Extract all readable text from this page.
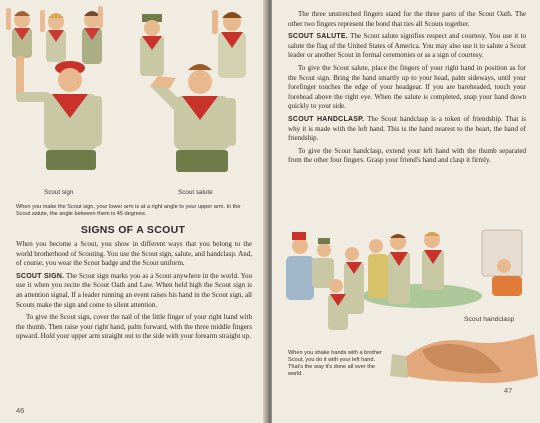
Scout sign	Scout salute
When you make the Scout sign, your lower arm is at a right angle to your upper arm. In the Scout salute, the angle between them is 45 degrees.
SIGNS OF A SCOUT

When you become a Scout, you show in different ways that you belong to the world brotherhood of Scouting. You use the Scout sign, salute, and handclasp. And, of course, you wear the Scout badge and the Scout uniform.

SCOUT SIGN. The Scout sign marks you as a Scout anywhere in the world. You use it when you recite the Scout Oath and Law. When held high the Scout sign is an attention signal. If a leader running an event raises his hand in the Scout sign, all Scouts make the sign and come to silent attention.

To give the Scout sign, cover the nail of the little finger of your right hand with the thumb. Then raise your right hand, palm forward, with the three middle fingers upward. Hold your upper arm straight out to the side with your forearm straight up.

46

The three unstretched fingers stand for the three parts of the Scout Oath. The other two fingers represent the bond that ties all Scouts together.

SCOUT SALUTE. The Scout salute signifies respect and courtesy. You use it to salute the flag of the United States of America. You may also use it to salute a Scout leader or another Scout in formal ceremonies or as a sign of courtesy.

To give the Scout salute, place the fingers of your right hand in position as for the Scout sign. Bring the hand smartly up to your head, palm sideways, until your forefinger touches the edge of your headgear. If you are bareheaded, touch your forehead above the right eye. When the salute is completed, snap your hand down quickly to your side.

SCOUT HANDCLASP. The Scout handclasp is a token of friendship. That is why it is made with the left hand. This is the hand nearest to the heart, the hand of friendship.

To give the Scout handclasp, extend your left hand with the thumb separated from the other four fingers. Grasp your friend's hand and clasp it firmly.

Scout handclasp
When you shake hands with a brother Scout, you do it with your left hand. That's the way it's done all over the world.
47
